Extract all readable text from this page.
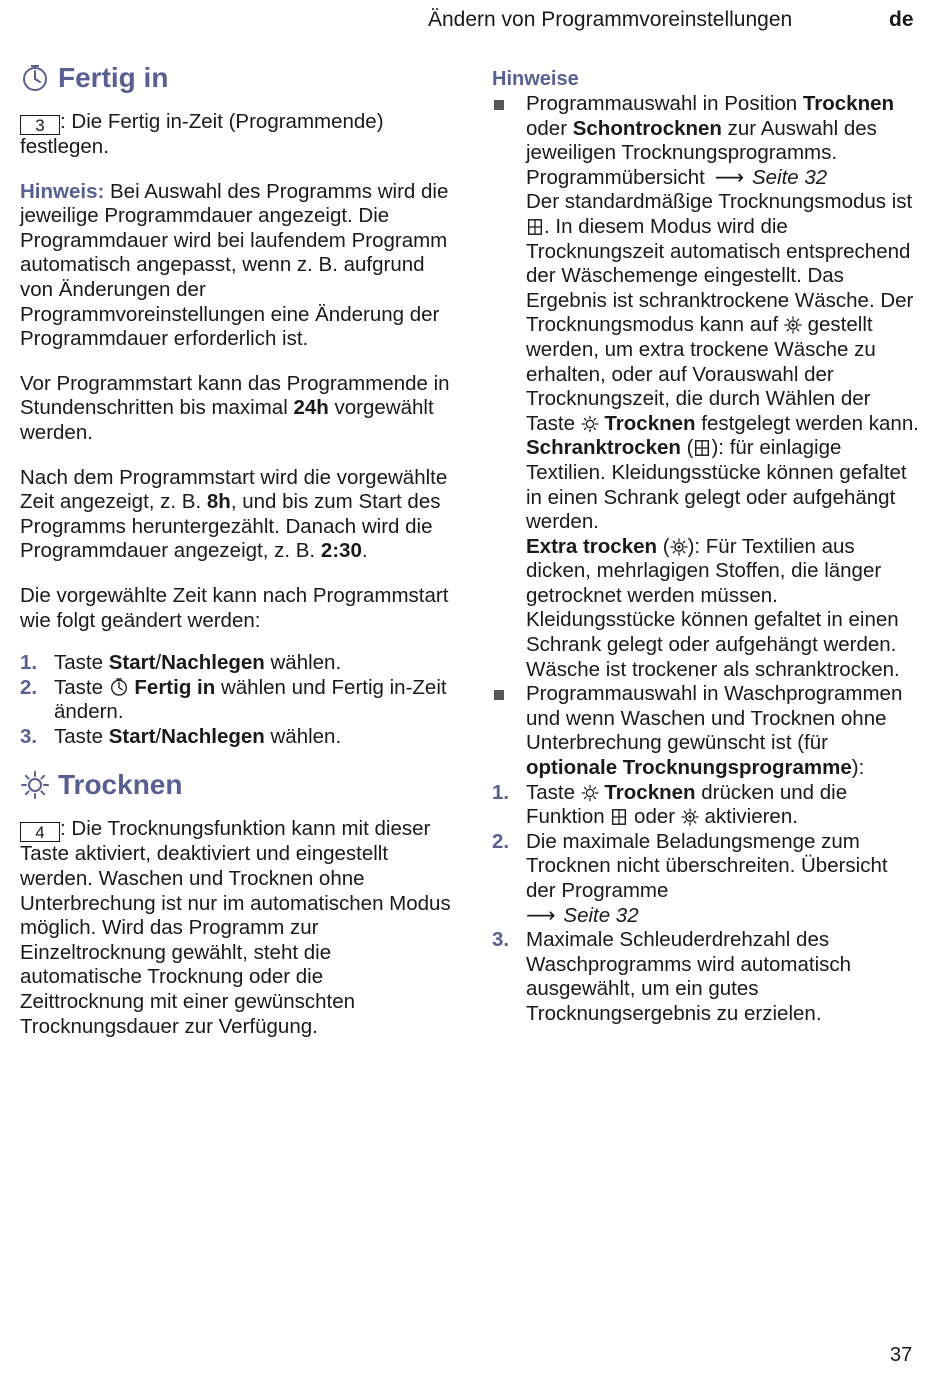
Ändern von Programmvoreinstellungen	de
Fertig in

3 : Die Fertig in-Zeit (Programmende) festlegen.

Hinweis: Bei Auswahl des Programms wird die jeweilige Programmdauer angezeigt. Die Programmdauer wird bei laufendem Programm automatisch angepasst, wenn z. B. aufgrund von Änderungen der Programmvoreinstellungen eine Änderung der Programmdauer erforderlich ist.

Vor Programmstart kann das Programmende in Stundenschritten bis maximal 24h vorgewählt werden.

Nach dem Programmstart wird die vorgewählte Zeit angezeigt, z. B. 8h, und bis zum Start des Programms heruntergezählt. Danach wird die Programmdauer angezeigt, z. B. 2:30.

Die vorgewählte Zeit kann nach Programmstart wie folgt geändert werden:

1. Taste Start/Nachlegen wählen.
2. Taste Fertig in wählen und Fertig in-Zeit ändern.
3. Taste Start/Nachlegen wählen.
Trocknen

4 : Die Trocknungsfunktion kann mit dieser Taste aktiviert, deaktiviert und eingestellt werden. Waschen und Trocknen ohne Unterbrechung ist nur im automatischen Modus möglich. Wird das Programm zur Einzeltrocknung gewählt, steht die automatische Trocknung oder die Zeittrocknung mit einer gewünschten Trocknungsdauer zur Verfügung.

Hinweise
Programmauswahl in Position Trocknen oder Schontrocknen zur Auswahl des jeweiligen Trocknungsprogramms. Programmübersicht ⟶ Seite 32
Der standardmäßige Trocknungsmodus ist . In diesem Modus wird die Trocknungszeit automatisch entsprechend der Wäschemenge eingestellt. Das Ergebnis ist schranktrockene Wäsche. Der Trocknungsmodus kann auf gestellt werden, um extra trockene Wäsche zu erhalten, oder auf Vorauswahl der Trocknungszeit, die durch Wählen der Taste Trocknen festgelegt werden kann.
Schranktrocken ( ): für einlagige Textilien. Kleidungsstücke können gefaltet in einen Schrank gelegt oder aufgehängt werden.
Extra trocken ( ): Für Textilien aus dicken, mehrlagigen Stoffen, die länger getrocknet werden müssen. Kleidungsstücke können gefaltet in einen Schrank gelegt oder aufgehängt werden. Wäsche ist trockener als schranktrocken.
Programmauswahl in Waschprogrammen und wenn Waschen und Trocknen ohne Unterbrechung gewünscht ist (für optionale Trocknungsprogramme):
1. Taste Trocknen drücken und die Funktion oder aktivieren.
2. Die maximale Beladungsmenge zum Trocknen nicht überschreiten. Übersicht der Programme
⟶ Seite 32
3. Maximale Schleuderdrehzahl des Waschprogramms wird automatisch ausgewählt, um ein gutes Trocknungsergebnis zu erzielen.
37
